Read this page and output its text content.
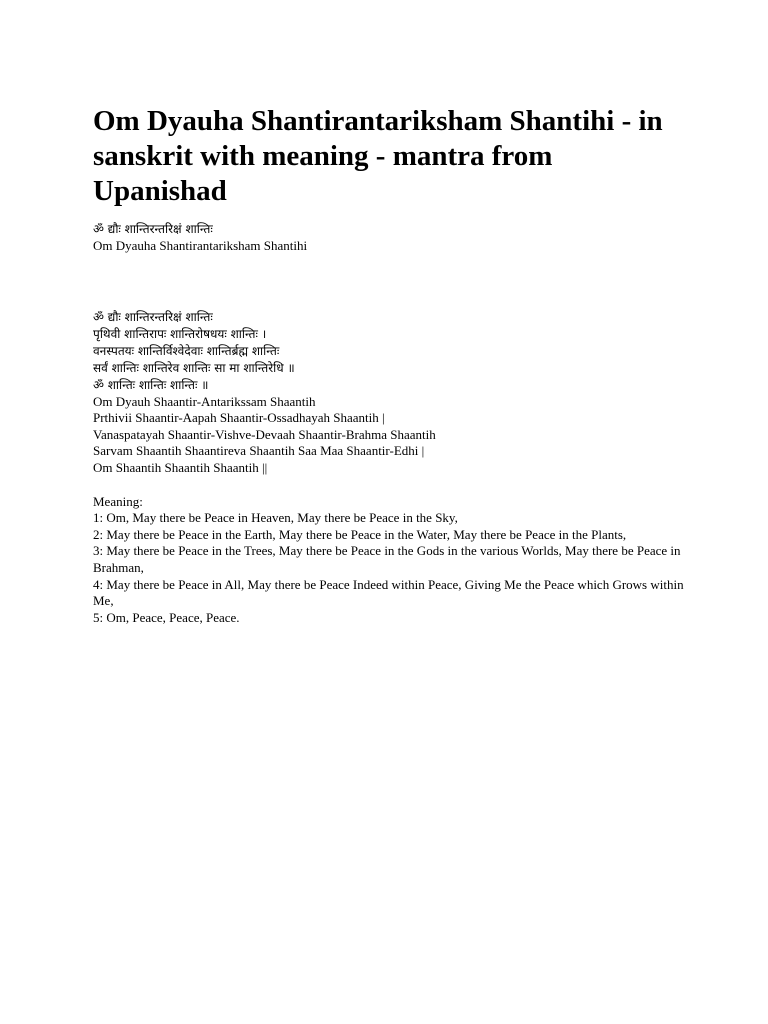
Om Dyauha Shantirantariksham Shantihi - in sanskrit with meaning - mantra from Upanishad
ॐ द्यौः शान्तिरन्तरिक्षं शान्तिः
Om Dyauha Shantirantariksham Shantihi
ॐ द्यौः शान्तिरन्तरिक्षं शान्तिः
पृथिवी शान्तिरापः शान्तिरोषधयः शान्तिः ।
वनस्पतयः शान्तिर्विश्वेदेवाः शान्तिर्ब्रह्म शान्तिः
सर्वं शान्तिः शान्तिरेव शान्तिः सा मा शान्तिरेधि ॥
ॐ शान्तिः शान्तिः शान्तिः ॥
Om Dyauh Shaantir-Antarikssam Shaantih
Prthivii Shaantir-Aapah Shaantir-Ossadhayah Shaantih |
Vanaspatayah Shaantir-Vishve-Devaah Shaantir-Brahma Shaantih
Sarvam Shaantih Shaantireva Shaantih Saa Maa Shaantir-Edhi |
Om Shaantih Shaantih Shaantih ||
Meaning:
1: Om, May there be Peace in Heaven, May there be Peace in the Sky,
2: May there be Peace in the Earth, May there be Peace in the Water, May there be Peace in the Plants,
3: May there be Peace in the Trees, May there be Peace in the Gods in the various Worlds, May there be Peace in Brahman,
4: May there be Peace in All, May there be Peace Indeed within Peace, Giving Me the Peace which Grows within Me,
5: Om, Peace, Peace, Peace.
